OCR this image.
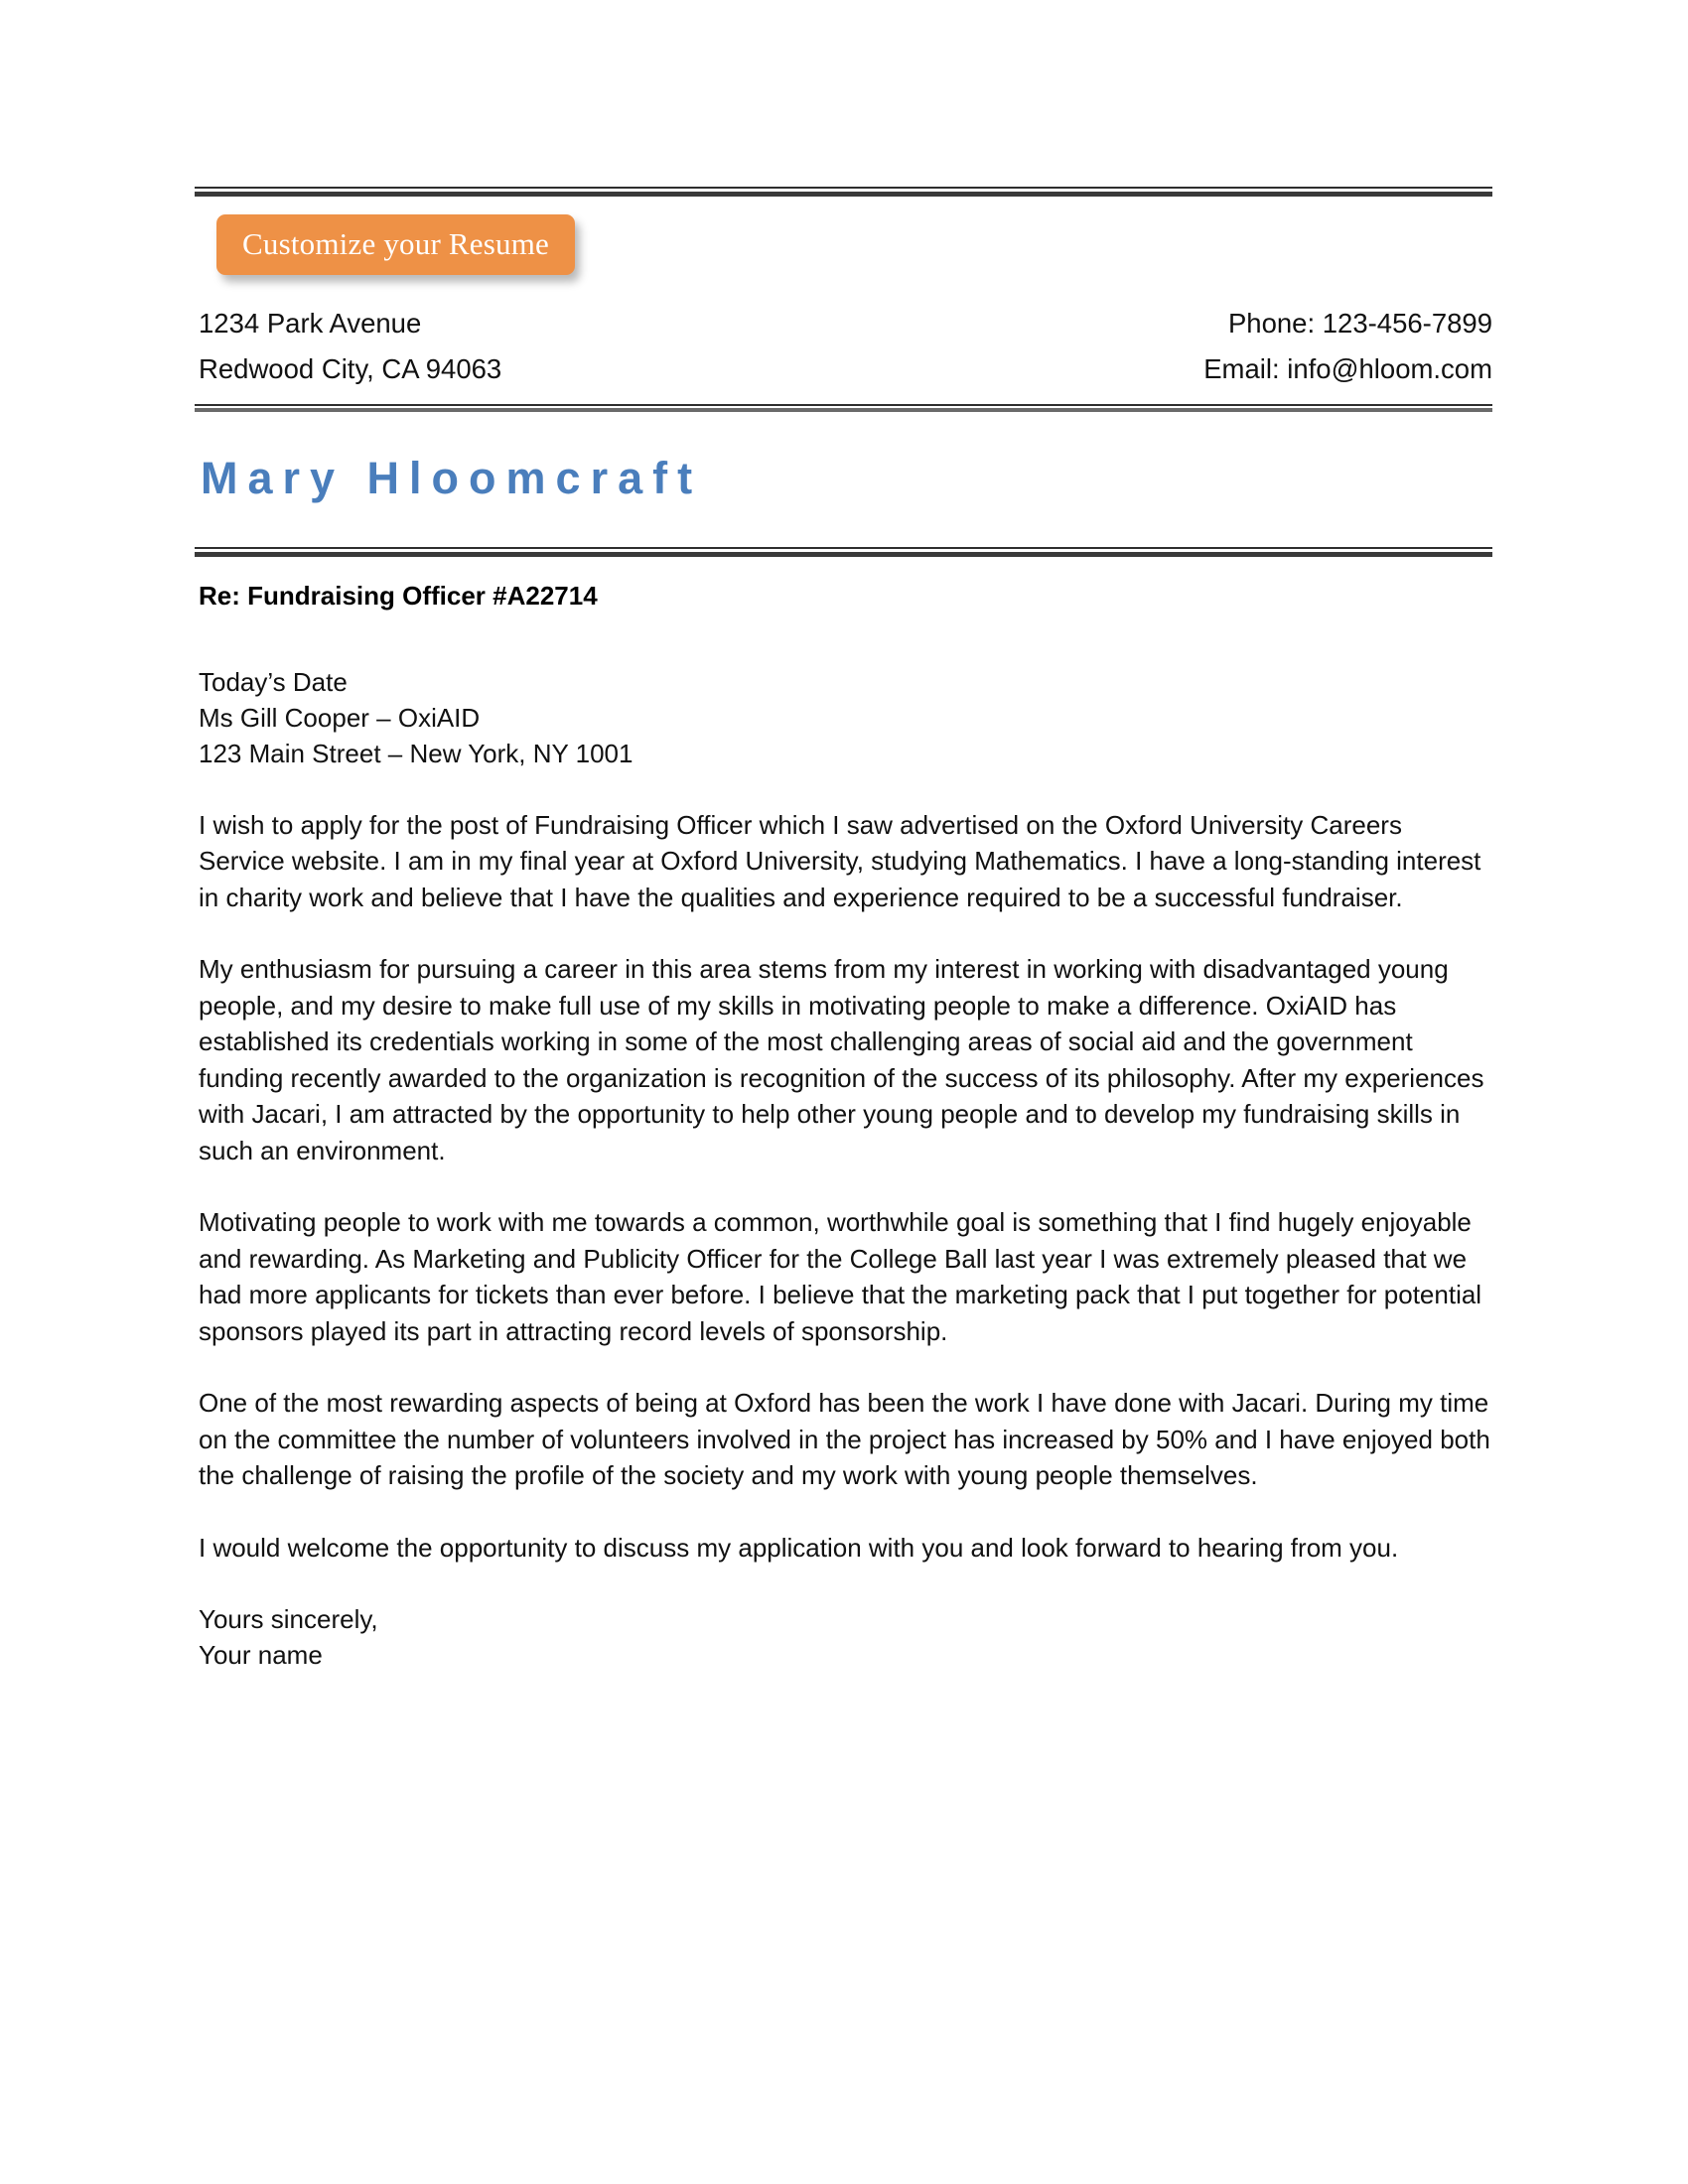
Customize your Resume
1234 Park Avenue	Phone: 123-456-7899
Redwood City, CA 94063	Email: info@hloom.com
Mary Hloomcraft
Re: Fundraising Officer #A22714
Today’s Date
Ms Gill Cooper – OxiAID
123 Main Street – New York, NY 1001

I wish to apply for the post of Fundraising Officer which I saw advertised on the Oxford University Careers Service website. I am in my final year at Oxford University, studying Mathematics. I have a long-standing interest in charity work and believe that I have the qualities and experience required to be a successful fundraiser.

My enthusiasm for pursuing a career in this area stems from my interest in working with disadvantaged young people, and my desire to make full use of my skills in motivating people to make a difference. OxiAID has established its credentials working in some of the most challenging areas of social aid and the government funding recently awarded to the organization is recognition of the success of its philosophy. After my experiences with Jacari, I am attracted by the opportunity to help other young people and to develop my fundraising skills in such an environment.

Motivating people to work with me towards a common, worthwhile goal is something that I find hugely enjoyable and rewarding. As Marketing and Publicity Officer for the College Ball last year I was extremely pleased that we had more applicants for tickets than ever before. I believe that the marketing pack that I put together for potential sponsors played its part in attracting record levels of sponsorship.

One of the most rewarding aspects of being at Oxford has been the work I have done with Jacari. During my time on the committee the number of volunteers involved in the project has increased by 50% and I have enjoyed both the challenge of raising the profile of the society and my work with young people themselves.

I would welcome the opportunity to discuss my application with you and look forward to hearing from you.

Yours sincerely,
Your name
